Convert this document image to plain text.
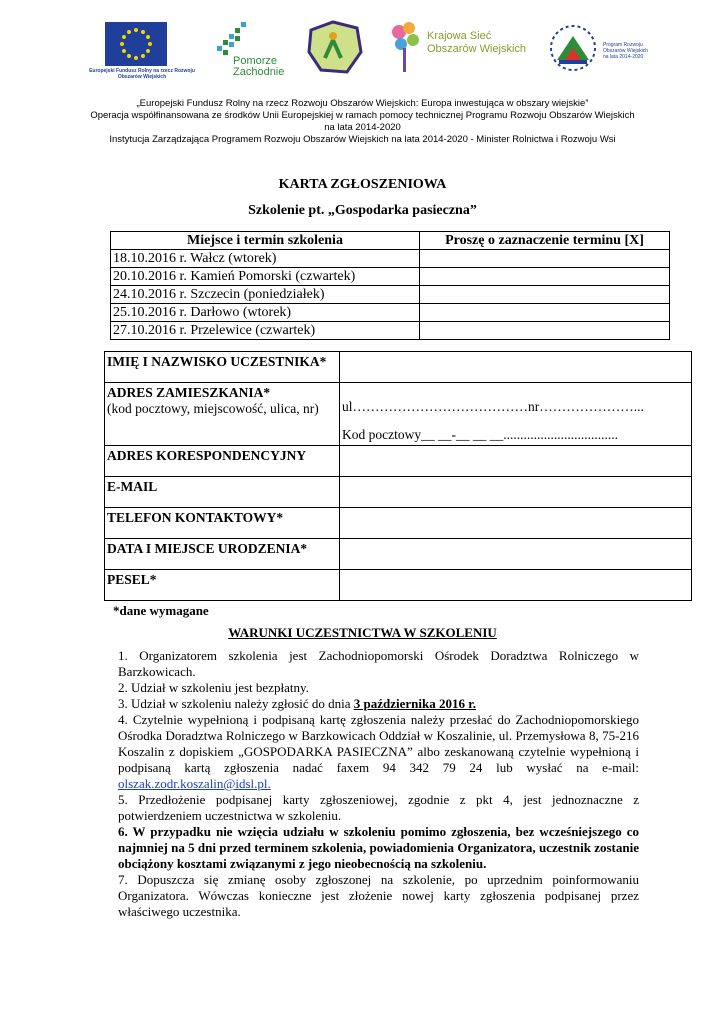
Europejski Fundusz Rolny na rzecz Rozwoju Obszarów Wiejskich
Pomorze Zachodnie
Krajowa Sieć Obszarów Wiejskich	Program Rozwoju Obszarów Wiejskich na lata 2014-2020
„Europejski Fundusz Rolny na rzecz Rozwoju Obszarów Wiejskich: Europa inwestująca w obszary wiejskie”
Operacja współfinansowana ze środków Unii Europejskiej w ramach pomocy technicznej Programu Rozwoju Obszarów Wiejskich
na lata 2014-2020
Instytucja Zarządzająca Programem Rozwoju Obszarów Wiejskich na lata 2014-2020 - Minister Rolnictwa i Rozwoju Wsi
KARTA ZGŁOSZENIOWA
Szkolenie pt. „Gospodarka pasieczna”
Miejsce i termin szkolenia	Proszę o zaznaczenie terminu [X]
18.10.2016 r. Wałcz (wtorek)	
20.10.2016 r. Kamień Pomorski (czwartek)	
24.10.2016 r. Szczecin (poniedziałek)	
25.10.2016 r. Darłowo (wtorek)	
27.10.2016 r. Przelewice (czwartek)	
IMIĘ I NAZWISKO UCZESTNIKA*	
ADRES ZAMIESZKANIA*
(kod pocztowy, miejscowość, ulica, nr)	ul…………………………………nr…………………...
Kod pocztowy__ __-__ __ __..................................

ADRES KORESPONDENCYJNY	
E-MAIL	
TELEFON KONTAKTOWY*	
DATA I MIEJSCE URODZENIA*	
PESEL*	
*dane wymagane
WARUNKI UCZESTNICTWA W SZKOLENIU

1. Organizatorem szkolenia jest Zachodniopomorski Ośrodek Doradztwa Rolniczego w Barzkowicach.

2. Udział w szkoleniu jest bezpłatny.

3. Udział w szkoleniu należy zgłosić do dnia 3 października 2016 r.

4. Czytelnie wypełnioną i podpisaną kartę zgłoszenia należy przesłać do Zachodniopomorskiego Ośrodka Doradztwa Rolniczego w Barzkowicach Oddział w Koszalinie, ul. Przemysłowa 8, 75-216 Koszalin z dopiskiem „GOSPODARKA PASIECZNA” albo zeskanowaną czytelnie wypełnioną i podpisaną kartą zgłoszenia nadać faxem 94 342 79 24 lub wysłać na e-mail: olszak.zodr.koszalin@idsl.pl.

5. Przedłożenie podpisanej karty zgłoszeniowej, zgodnie z pkt 4, jest jednoznaczne z potwierdzeniem uczestnictwa w szkoleniu.

6. W przypadku nie wzięcia udziału w szkoleniu pomimo zgłoszenia, bez wcześniejszego co najmniej na 5 dni przed terminem szkolenia, powiadomienia Organizatora, uczestnik zostanie obciążony kosztami związanymi z jego nieobecnością na szkoleniu.

7. Dopuszcza się zmianę osoby zgłoszonej na szkolenie, po uprzednim poinformowaniu Organizatora. Wówczas konieczne jest złożenie nowej karty zgłoszenia podpisanej przez właściwego uczestnika.
